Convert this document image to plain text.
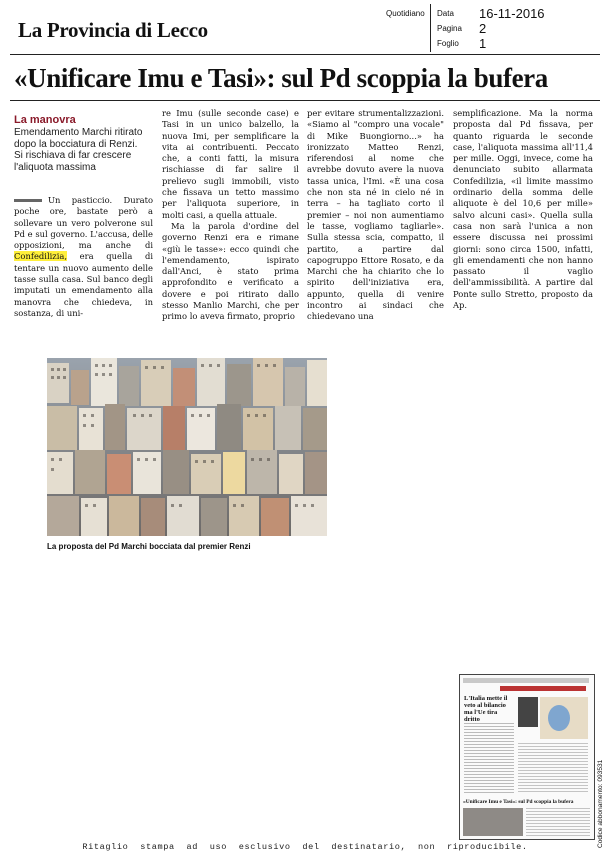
La Provincia di Lecco
Quotidiano Data 16-11-2016
Pagina 2
Foglio 1
«Unificare Imu e Tasi»: sul Pd scoppia la bufera
La manovra
Emendamento Marchi ritirato
dopo la bocciatura di Renzi.
Si rischiava di far crescere
l'aliquota massima

Un pasticcio. Durato poche ore, bastate però a sollevare un vero polverone sul Pd e sul governo. L'accusa, delle opposizioni, ma anche di Confedilizia, era quella di tentare un nuovo aumento delle tasse sulla casa. Sul banco degli imputati un emendamento alla manovra che chiedeva, in sostanza, di uni-

re Imu (sulle seconde case) e Tasi in un unico balzello, la nuova Imi, per semplificare la vita ai contribuenti. Peccato che, a conti fatti, la misura rischiasse di far salire il prelievo sugli immobili, visto che fissava un tetto massimo per l'aliquota superiore, in molti casi, a quella attuale.

Ma la parola d'ordine del governo Renzi era e rimane «giù le tasse»: ecco quindi che l'emendamento, ispirato dall'Anci, è stato prima approfondito e verificato a dovere e poi ritirato dallo stesso Manlio Marchi, che per primo lo aveva firmato, proprio

per evitare strumentalizzazioni. «Siamo al "compro una vocale" di Mike Buongiorno...» ha ironizzato Matteo Renzi, riferendosi al nome che avrebbe dovuto avere la nuova tassa unica, l'Imi. «È una cosa che non sta né in cielo né in terra – ha tagliato corto il premier – noi non aumentiamo le tasse, vogliamo tagliarle». Sulla stessa scia, compatto, il partito, a partire dal capogruppo Ettore Rosato, e da Marchi che ha chiarito che lo spirito dell'iniziativa era, appunto, quella di venire incontro ai sindaci che chiedevano una

semplificazione. Ma la norma proposta dal Pd fissava, per quanto riguarda le seconde case, l'aliquota massima all'11,4 per mille. Oggi, invece, come ha denunciato subito allarmata Confedilizia, «il limite massimo ordinario della somma delle aliquote è del 10,6 per mille» salvo alcuni casi». Quella sulla casa non sarà l'unica a non essere discussa nei prossimi giorni: sono circa 1500, infatti, gli emendamenti che non hanno passato il vaglio dell'ammissibilità. A partire dal Ponte sullo Stretto, proposto da Ap.

La proposta del Pd Marchi bocciata dal premier Renzi
L'Italia mette il veto al bilancio ma l'Ue tira dritto
«Unificare Imu e Tasi»: sul Pd scoppia la bufera	Codice abbonamento: 093531
Ritaglio stampa ad uso esclusivo del destinatario, non riproducibile.
